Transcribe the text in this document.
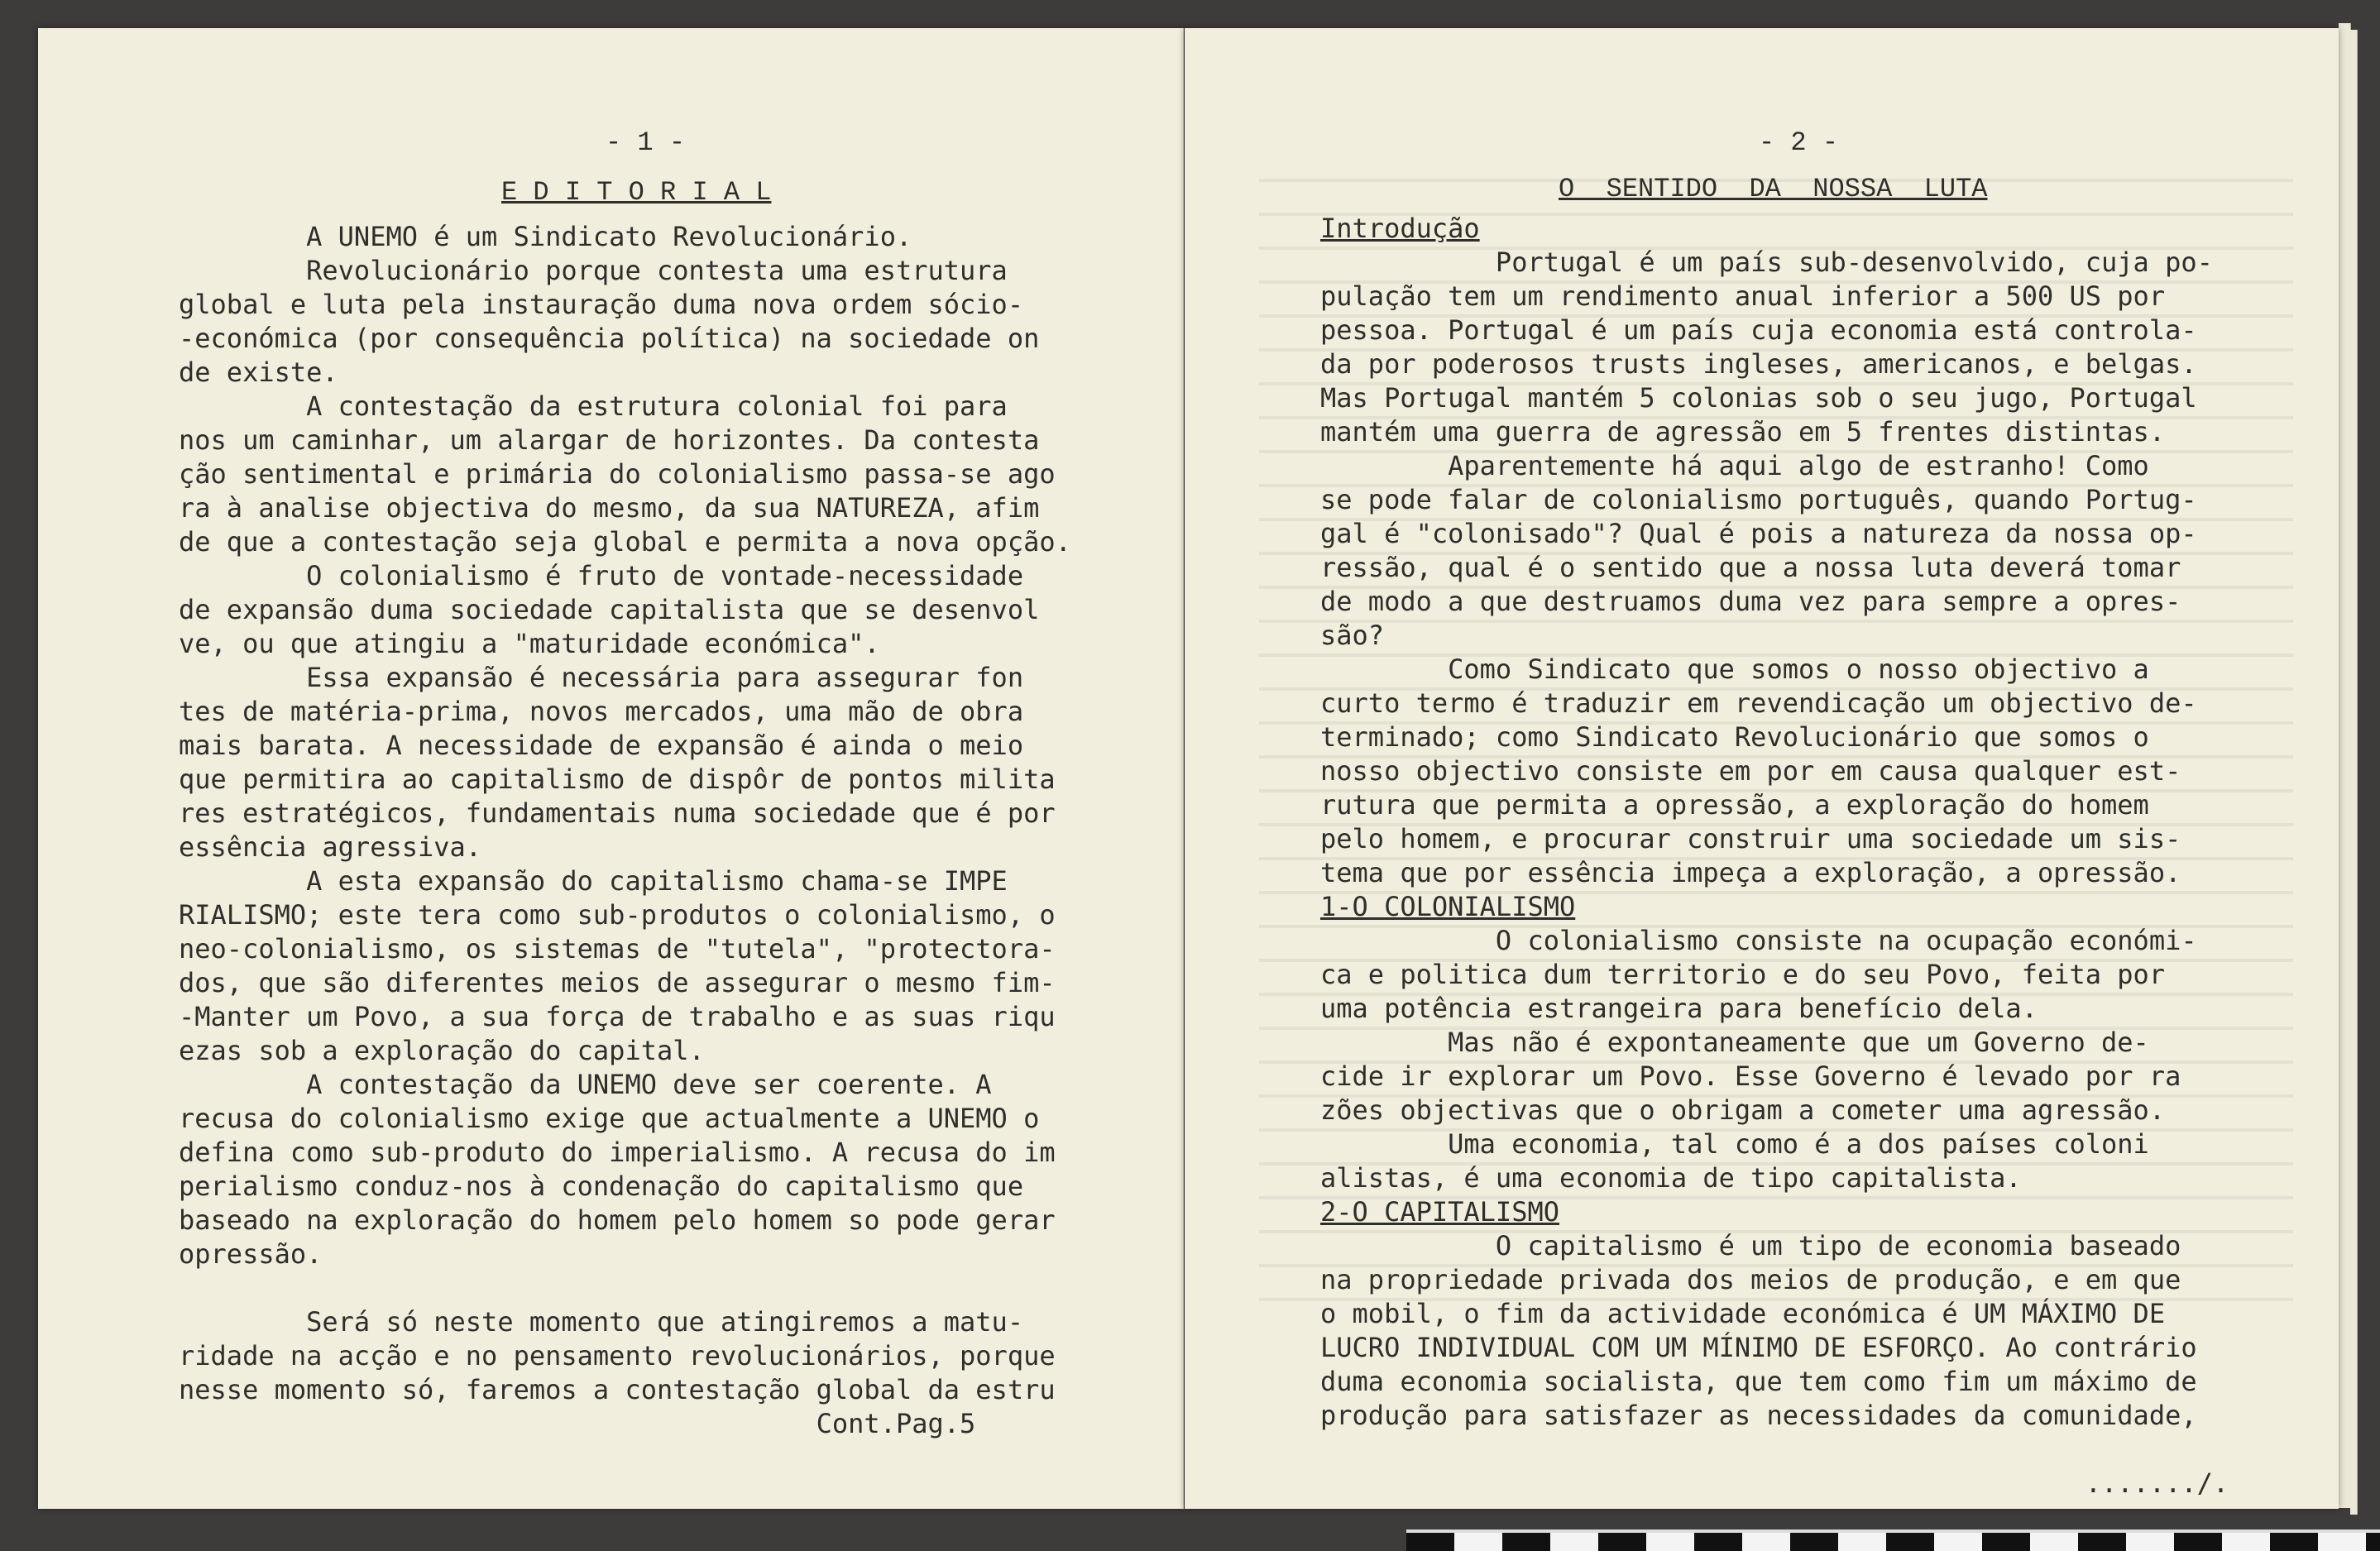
- 1 -
E D I T O R I A L
A UNEMO é um Sindicato Revolucionário.
Revolucionário porque contesta uma estrutura
global e luta pela instauração duma nova ordem sócio-
-económica (por consequência política) na sociedade on
de existe.
A contestação da estrutura colonial foi para
nos um caminhar, um alargar de horizontes. Da contesta
ção sentimental e primária do colonialismo passa-se ago
ra à analise objectiva do mesmo, da sua NATUREZA, afim
de que a contestação seja global e permita a nova opção.
O colonialismo é fruto de vontade-necessidade
de expansão duma sociedade capitalista que se desenvol
ve, ou que atingiu a "maturidade económica".
Essa expansão é necessária para assegurar fon
tes de matéria-prima, novos mercados, uma mão de obra
mais barata. A necessidade de expansão é ainda o meio
que permitira ao capitalismo de dispôr de pontos milita
res estratégicos, fundamentais numa sociedade que é por
essência agressiva.
A esta expansão do capitalismo chama-se IMPE
RIALISMO; este tera como sub-produtos o colonialismo, o
neo-colonialismo, os sistemas de "tutela", "protectora-
dos, que são diferentes meios de assegurar o mesmo fim-
-Manter um Povo, a sua força de trabalho e as suas riqu
ezas sob a exploração do capital.
A contestação da UNEMO deve ser coerente. A
recusa do colonialismo exige que actualmente a UNEMO o
defina como sub-produto do imperialismo. A recusa do im
perialismo conduz-nos à condenação do capitalismo que
baseado na exploração do homem pelo homem so pode gerar
opressão.

Será só neste momento que atingiremos a matu-
ridade na acção e no pensamento revolucionários, porque
nesse momento só, faremos a contestação global da estru
Cont.Pag.5
- 2 -
O  SENTIDO  DA  NOSSA  LUTA
Introdução
Portugal é um país sub-desenvolvido, cuja po-
pulação tem um rendimento anual inferior a 500 US por
pessoa. Portugal é um país cuja economia está controla-
da por poderosos trusts ingleses, americanos, e belgas.
Mas Portugal mantém 5 colonias sob o seu jugo, Portugal
mantém uma guerra de agressão em 5 frentes distintas.
Aparentemente há aqui algo de estranho! Como
se pode falar de colonialismo português, quando Portug-
gal é "colonisado"? Qual é pois a natureza da nossa op-
ressão, qual é o sentido que a nossa luta deverá tomar
de modo a que destruamos duma vez para sempre a opres-
são?
Como Sindicato que somos o nosso objectivo a
curto termo é traduzir em revendicação um objectivo de-
terminado; como Sindicato Revolucionário que somos o
nosso objectivo consiste em por em causa qualquer est-
rutura que permita a opressão, a exploração do homem
pelo homem, e procurar construir uma sociedade um sis-
tema que por essência impeça a exploração, a opressão.
1-O COLONIALISMO
O colonialismo consiste na ocupação económi-
ca e politica dum territorio e do seu Povo, feita por
uma potência estrangeira para benefício dela.
Mas não é expontaneamente que um Governo de-
cide ir explorar um Povo. Esse Governo é levado por ra
zões objectivas que o obrigam a cometer uma agressão.
Uma economia, tal como é a dos países coloni
alistas, é uma economia de tipo capitalista.
2-O CAPITALISMO
O capitalismo é um tipo de economia baseado
na propriedade privada dos meios de produção, e em que
o mobil, o fim da actividade económica é UM MÁXIMO DE
LUCRO INDIVIDUAL COM UM MÍNIMO DE ESFORÇO. Ao contrário
duma economia socialista, que tem como fim um máximo de
produção para satisfazer as necessidades da comunidade,

.......∕.
